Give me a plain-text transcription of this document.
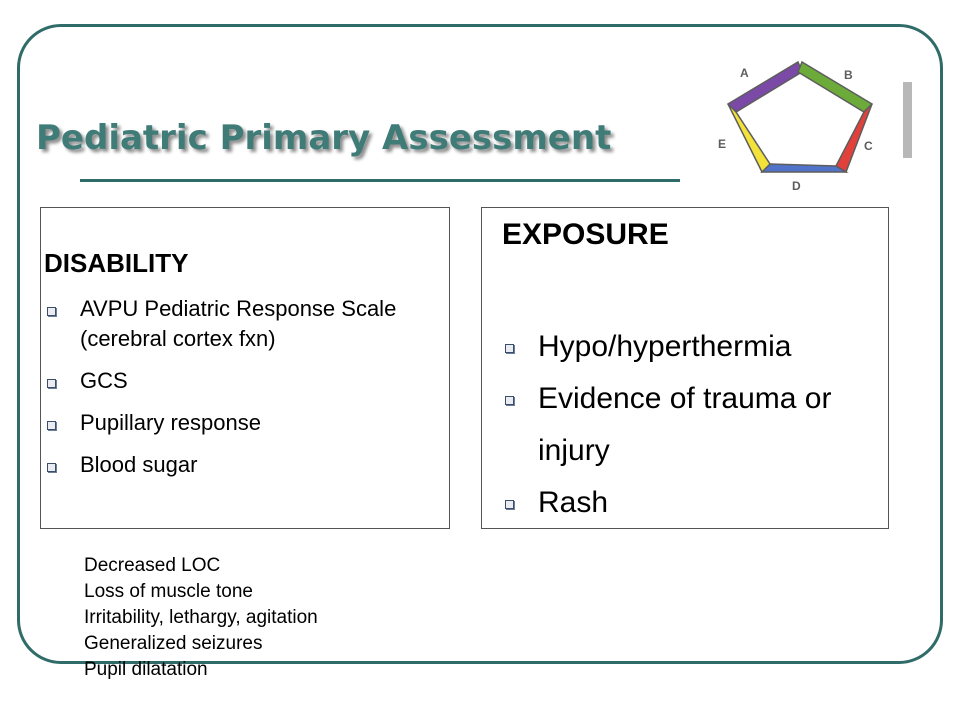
Pediatric Primary Assessment
A	B
C
D
E
DISABILITY
AVPU Pediatric Response Scale (cerebral cortex fxn)
GCS
Pupillary response
Blood sugar
EXPOSURE
Hypo/hyperthermia
Evidence of trauma or injury
Rash
Decreased LOC
Loss of muscle tone
Irritability, lethargy, agitation
Generalized seizures
Pupil dilatation
